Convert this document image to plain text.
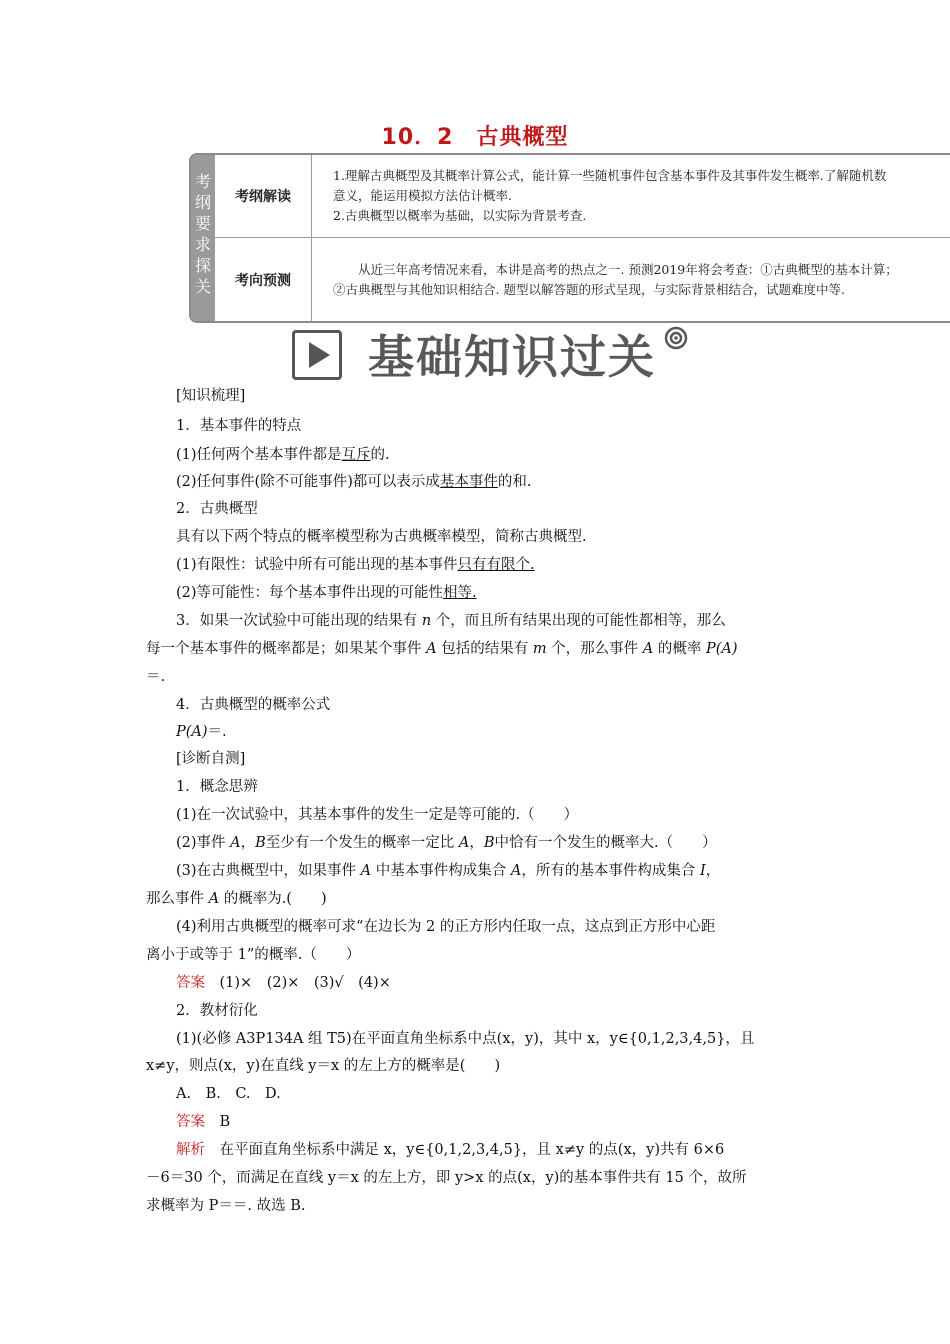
10．2　古典概型
考
纲
要
求
探
关
考纲解读

1.理解古典概型及其概率计算公式，能计算一些随机事件包含基本事件及其事件发生概率.了解随机数

意义，能运用模拟方法估计概率.

2.古典概型以概率为基础，以实际为背景考查.

考向预测

　　从近三年高考情况来看，本讲是高考的热点之一. 预测2019年将会考查：①古典概型的基本计算；

②古典概型与其他知识相结合. 题型以解答题的形式呈现，与实际背景相结合，试题难度中等.

基础知识过关
[知识梳理]
1．基本事件的特点
(1)任何两个基本事件都是互斥的.
(2)任何事件(除不可能事件)都可以表示成基本事件的和.
2．古典概型
具有以下两个特点的概率模型称为古典概率模型，简称古典概型.
(1)有限性：试验中所有可能出现的基本事件只有有限个.
(2)等可能性：每个基本事件出现的可能性相等.
3．如果一次试验中可能出现的结果有 n 个，而且所有结果出现的可能性都相等，那么
每一个基本事件的概率都是；如果某个事件 A 包括的结果有 m 个，那么事件 A 的概率 P(A)
＝.
4．古典概型的概率公式
P(A)＝.
[诊断自测]
1．概念思辨
(1)在一次试验中，其基本事件的发生一定是等可能的.（　　）
(2)事件 A，B至少有一个发生的概率一定比 A，B中恰有一个发生的概率大.（　　）
(3)在古典概型中，如果事件 A 中基本事件构成集合 A，所有的基本事件构成集合 I，
那么事件 A 的概率为.(　　)
(4)利用古典概型的概率可求“在边长为 2 的正方形内任取一点，这点到正方形中心距
离小于或等于 1”的概率.（　　）
答案　(1)×　(2)×　(3)√　(4)×
2．教材衍化
(1)(必修 A3P134A 组 T5)在平面直角坐标系中点(x，y)，其中 x，y∈{0,1,2,3,4,5}，且
x≠y，则点(x，y)在直线 y＝x 的左上方的概率是(　　)
A.　B.　C.　D.
答案　B
解析　在平面直角坐标系中满足 x，y∈{0,1,2,3,4,5}，且 x≠y 的点(x，y)共有 6×6
－6＝30 个，而满足在直线 y＝x 的左上方，即 y>x 的点(x，y)的基本事件共有 15 个，故所
求概率为 P＝＝. 故选 B.
